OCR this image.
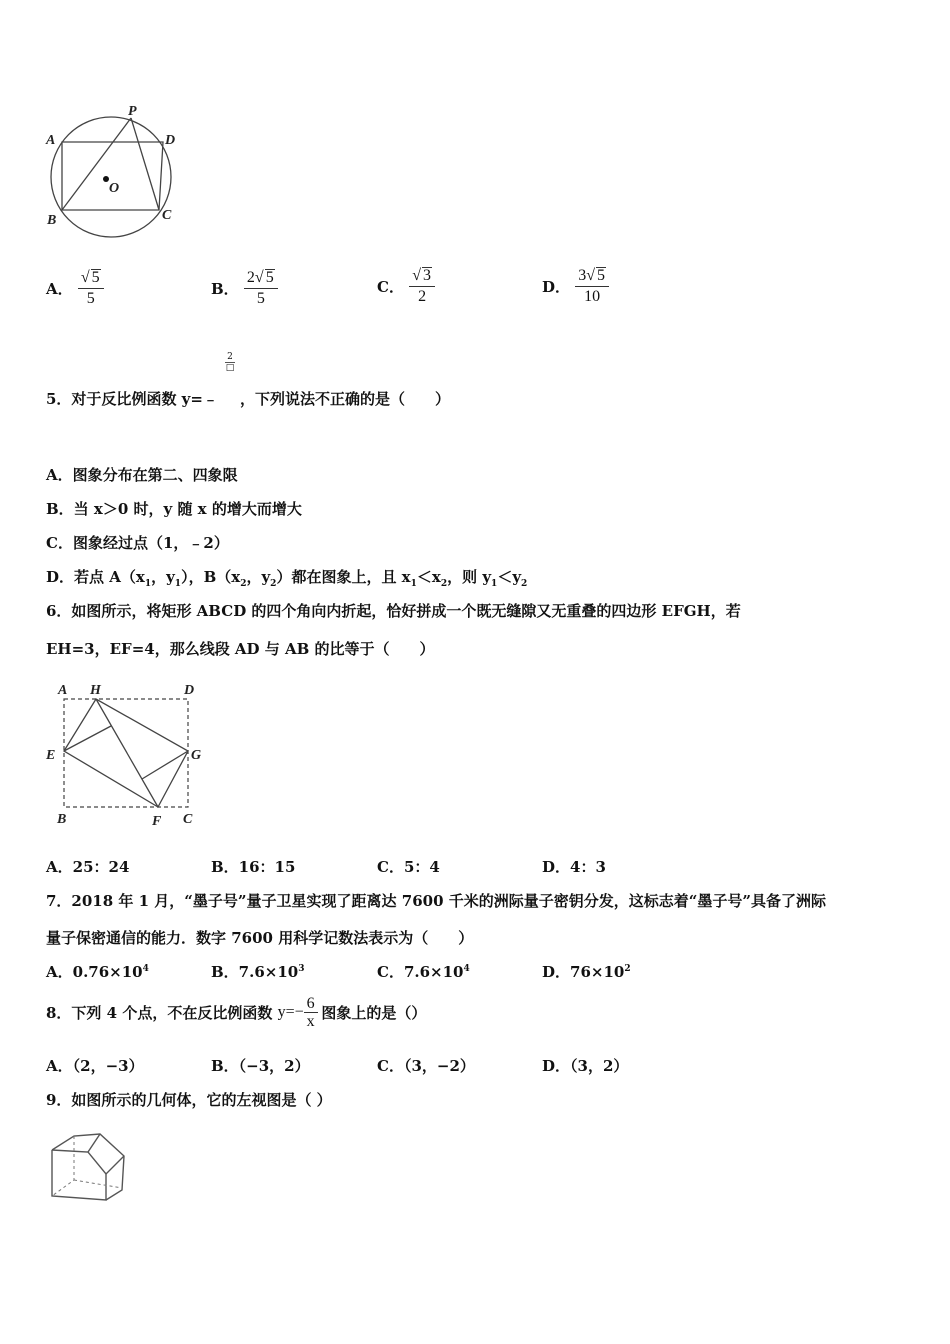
A
B	C
D
P
O
A． $\frac{√ 5}{5}$	B． $\frac{2√ 5}{5}$	C． $\frac{√ 3}{2}$	D． $\frac{3√ 5}{10}$
2
□
5．对于反比例函数 y=﹣ ，下列说法不正确的是（　　）
A．图象分布在第二、四象限
B．当 x＞0 时，y 随 x 的增大而增大
C．图象经过点（1，﹣2）
D．若点 $A(x_1$，$y_1$），$B(x_2$，$y_2$）都在图象上，且 $x_1<x_2$，则 $y_1<y_2$
6．如图所示，将矩形 ABCD 的四个角向内折起，恰好拼成一个既无缝隙又无重叠的四边形 EFGH，若
EH=3，EF=4，那么线段 AD 与 AB 的比等于（　　）
A H	D
E	G
B	F C
A．25：24	B．16：15	C．5：4	D．4：3
7．2018 年 1 月，“墨子号”量子卫星实现了距离达 7600 千米的洲际量子密钥分发，这标志着“墨子号”具备了洲际
量子保密通信的能力．数字 7600 用科学记数法表示为（　　）
A．$0.76\times 10^4$	B．$7.6\times 10^3$	C．$7.6\times 10^4$	D．$76\times 10^2$
8．下列 4 个点，不在反比例函数 $y=- \frac{6}{x}$ 图象上的是（）
A．（2，−3）	B．（−3，2）	C．（3，−2）	D．（3，2）
9．如图所示的几何体，它的左视图是（ ）
